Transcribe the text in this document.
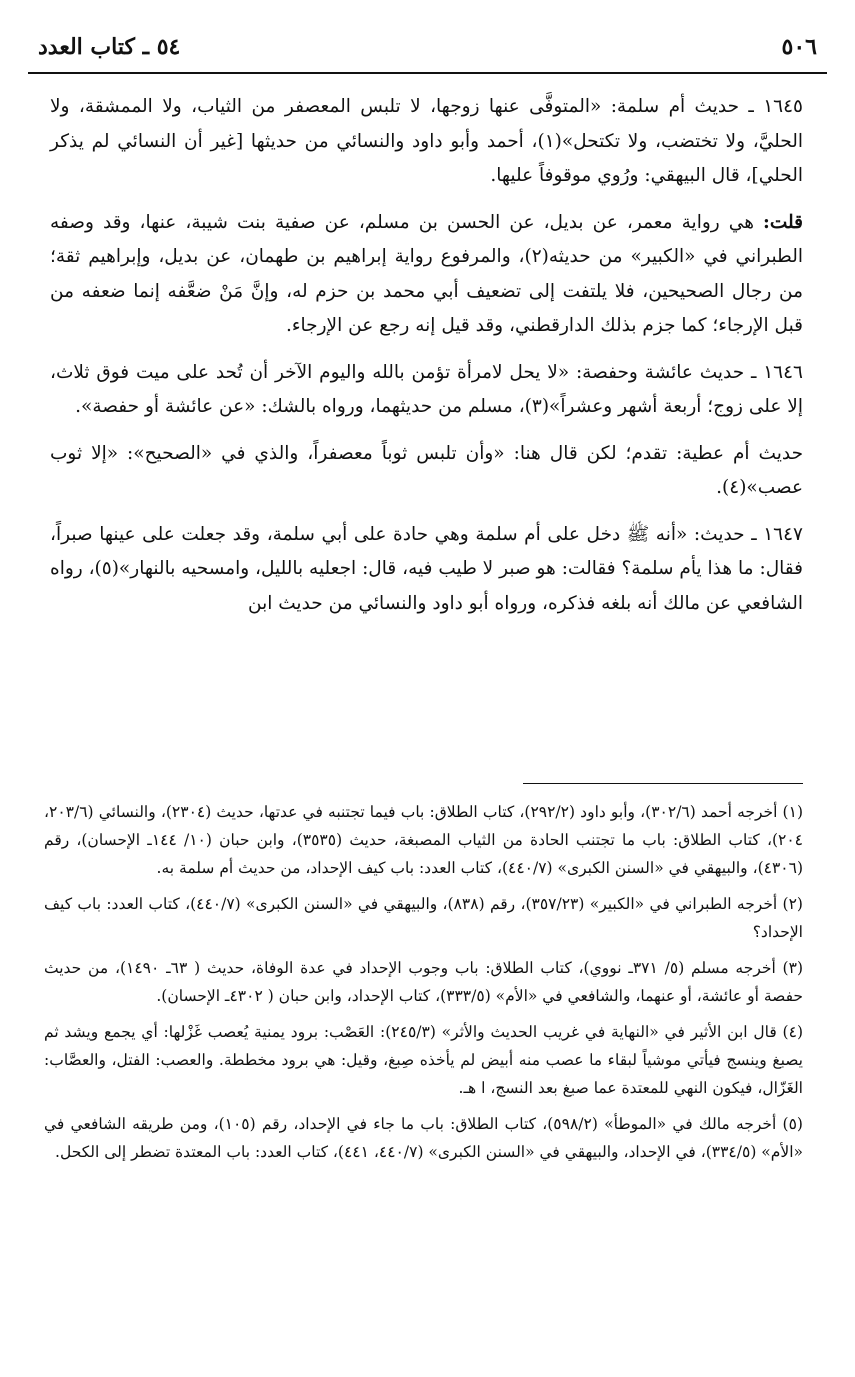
٥٠٦
٥٤ ـ كتاب العدد

١٦٤٥ ـ حديث أم سلمة: «المتوفَّى عنها زوجها، لا تلبس المعصفر من الثياب، ولا الممشقة، ولا الحليَّ، ولا تختضب، ولا تكتحل»(١)، أحمد وأبو داود والنسائي من حديثها [غير أن النسائي لم يذكر الحلي]، قال البيهقي: ورُوي موقوفاً عليها.

قلت: هي رواية معمر، عن بديل، عن الحسن بن مسلم، عن صفية بنت شيبة، عنها، وقد وصفه الطبراني في «الكبير» من حديثه(٢)، والمرفوع رواية إبراهيم بن طهمان، عن بديل، وإبراهيم ثقة؛ من رجال الصحيحين، فلا يلتفت إلى تضعيف أبي محمد بن حزم له، وإنَّ مَنْ ضعَّفه إنما ضعفه من قبل الإرجاء؛ كما جزم بذلك الدارقطني، وقد قيل إنه رجع عن الإرجاء.

١٦٤٦ ـ حديث عائشة وحفصة: «لا يحل لامرأة تؤمن بالله واليوم الآخر أن تُحد على ميت فوق ثلاث، إلا على زوج؛ أربعة أشهر وعشراً»(٣)، مسلم من حديثهما، ورواه بالشك: «عن عائشة أو حفصة».

حديث أم عطية: تقدم؛ لكن قال هنا: «وأن تلبس ثوباً معصفراً، والذي في «الصحيح»: «إلا ثوب عصب»(٤).

١٦٤٧ ـ حديث: «أنه ﷺ دخل على أم سلمة وهي حادة على أبي سلمة، وقد جعلت على عينها صبراً، فقال: ما هذا يأم سلمة؟ فقالت: هو صبر لا طيب فيه، قال: اجعليه بالليل، وامسحيه بالنهار»(٥)، رواه الشافعي عن مالك أنه بلغه فذكره، ورواه أبو داود والنسائي من حديث ابن

(١) أخرجه أحمد (٣٠٢/٦)، وأبو داود (٢٩٢/٢)، كتاب الطلاق: باب فيما تجتنبه في عدتها، حديث (٢٣٠٤)، والنسائي (٢٠٣/٦، ٢٠٤)، كتاب الطلاق: باب ما تجتنب الحادة من الثياب المصبغة، حديث (٣٥٣٥)، وابن حبان (١٠/ ١٤٤ـ الإحسان)، رقم (٤٣٠٦)، والبيهقي في «السنن الكبرى» (٤٤٠/٧)، كتاب العدد: باب كيف الإحداد، من حديث أم سلمة به.

(٢) أخرجه الطبراني في «الكبير» (٣٥٧/٢٣)، رقم (٨٣٨)، والبيهقي في «السنن الكبرى» (٤٤٠/٧)، كتاب العدد: باب كيف الإحداد؟

(٣) أخرجه مسلم (٥/ ٣٧١ـ نووي)، كتاب الطلاق: باب وجوب الإحداد في عدة الوفاة، حديث ( ٦٣ـ ١٤٩٠)، من حديث حفصة أو عائشة، أو عنهما، والشافعي في «الأم» (٣٣٣/٥)، كتاب الإحداد، وابن حبان ( ٤٣٠٢ـ الإحسان).

(٤) قال ابن الأثير في «النهاية في غريب الحديث والأثر» (٢٤٥/٣): العَصْب: برود يمنية يُعصب غَزْلها: أي يجمع ويشد ثم يصبغ وينسج فيأتي موشياً لبقاء ما عصب منه أبيض لم يأخذه صِبغ، وقيل: هي برود مخططة. والعصب: الفتل، والعصَّاب: الغَزّال، فيكون النهي للمعتدة عما صبغ بعد النسج، ا هـ.

(٥) أخرجه مالك في «الموطأ» (٥٩٨/٢)، كتاب الطلاق: باب ما جاء في الإحداد، رقم (١٠٥)، ومن طريقه الشافعي في «الأم» (٣٣٤/٥)، في الإحداد، والبيهقي في «السنن الكبرى» (٤٤٠/٧، ٤٤١)، كتاب العدد: باب المعتدة تضطر إلى الكحل.
